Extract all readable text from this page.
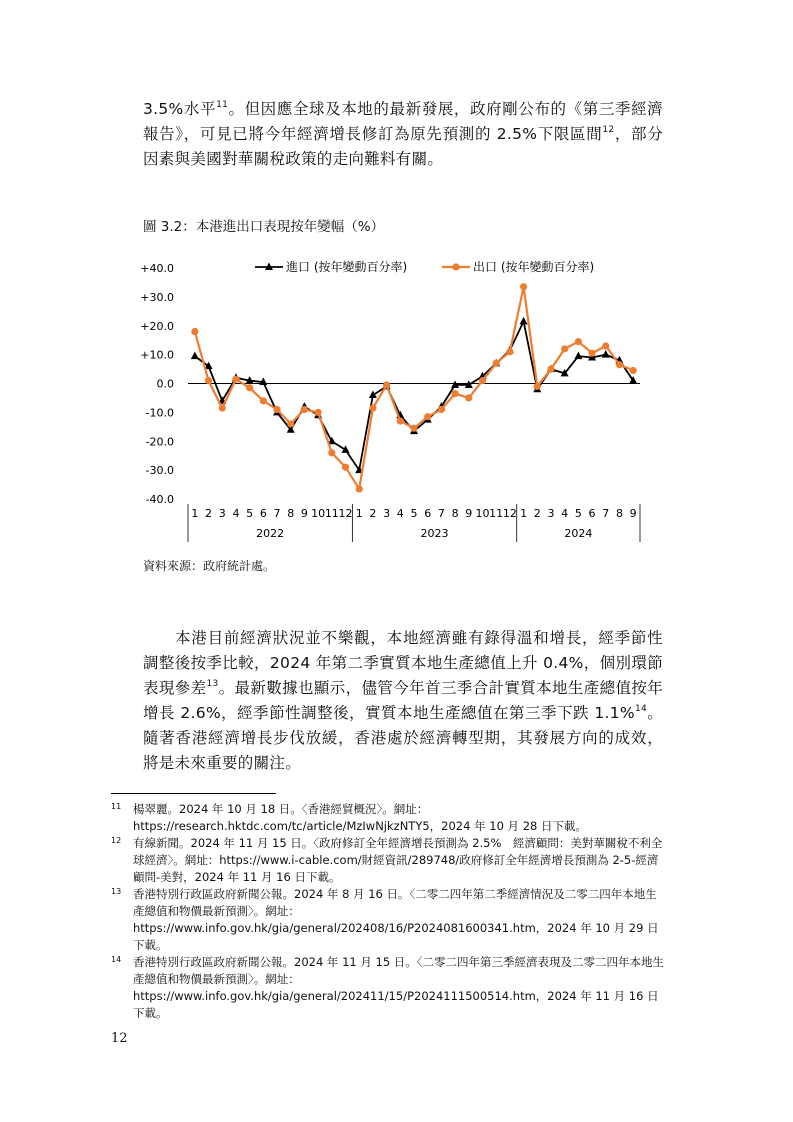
3.5%水平$^{11}$。但因應全球及本地的最新發展，政府剛公布的《第三季經濟報告》，可見已將今年經濟增長修訂為原先預測的 2.5%下限區間$^{12}$，部分因素與美國對華關稅政策的走向難料有關。

圖 3.2：本港進出口表現按年變幅（%）

+40.0
+30.0
+20.0
+10.0
0.0
-10.0
-20.0
-30.0
-40.0
1 2 3 4 5 6 7 8 9 10 11 12 1 2 3 4 5 6 7 8 9 10 11 12 1 2 3 4 5 6 7 8 9
2022	2023	2024
進口 (按年變動百分率)	出口 (按年變動百分率)

資料來源：政府統計處。

本港目前經濟狀況並不樂觀，本地經濟雖有錄得溫和增長，經季節性調整後按季比較，2024 年第二季實質本地生產總值上升 0.4%，個別環節表現參差$^{13}$。最新數據也顯示，儘管今年首三季合計實質本地生產總值按年增長 2.6%，經季節性調整後，實質本地生產總值在第三季下跌 1.1%$^{14}$。隨著香港經濟增長步伐放緩，香港處於經濟轉型期，其發展方向的成效，將是未來重要的關注。

11 楊翠麗。2024 年 10 月 18 日。〈香港經貿概況〉。網址：
https://research.hktdc.com/tc/article/MzIwNjkzNTY5，2024 年 10 月 28 日下載。
12 有線新聞。2024 年 11 月 15 日。〈政府修訂全年經濟增長預測為 2.5%　經濟顧問：美對華關稅不利全球經濟〉。網址：https://www.i-cable.com/財經資訊/289748/政府修訂全年經濟增長預測為 2-5-經濟顧問-美對，2024 年 11 月 16 日下載。
13 香港特別行政區政府新聞公報。2024 年 8 月 16 日。〈二零二四年第二季經濟情況及二零二四年本地生產總值和物價最新預測〉。網址：
https://www.info.gov.hk/gia/general/202408/16/P2024081600341.htm，2024 年 10 月 29 日下載。
14 香港特別行政區政府新聞公報。2024 年 11 月 15 日。〈二零二四年第三季經濟表現及二零二四年本地生產總值和物價最新預測〉。網址：
https://www.info.gov.hk/gia/general/202411/15/P2024111500514.htm，2024 年 11 月 16 日下載。

12
